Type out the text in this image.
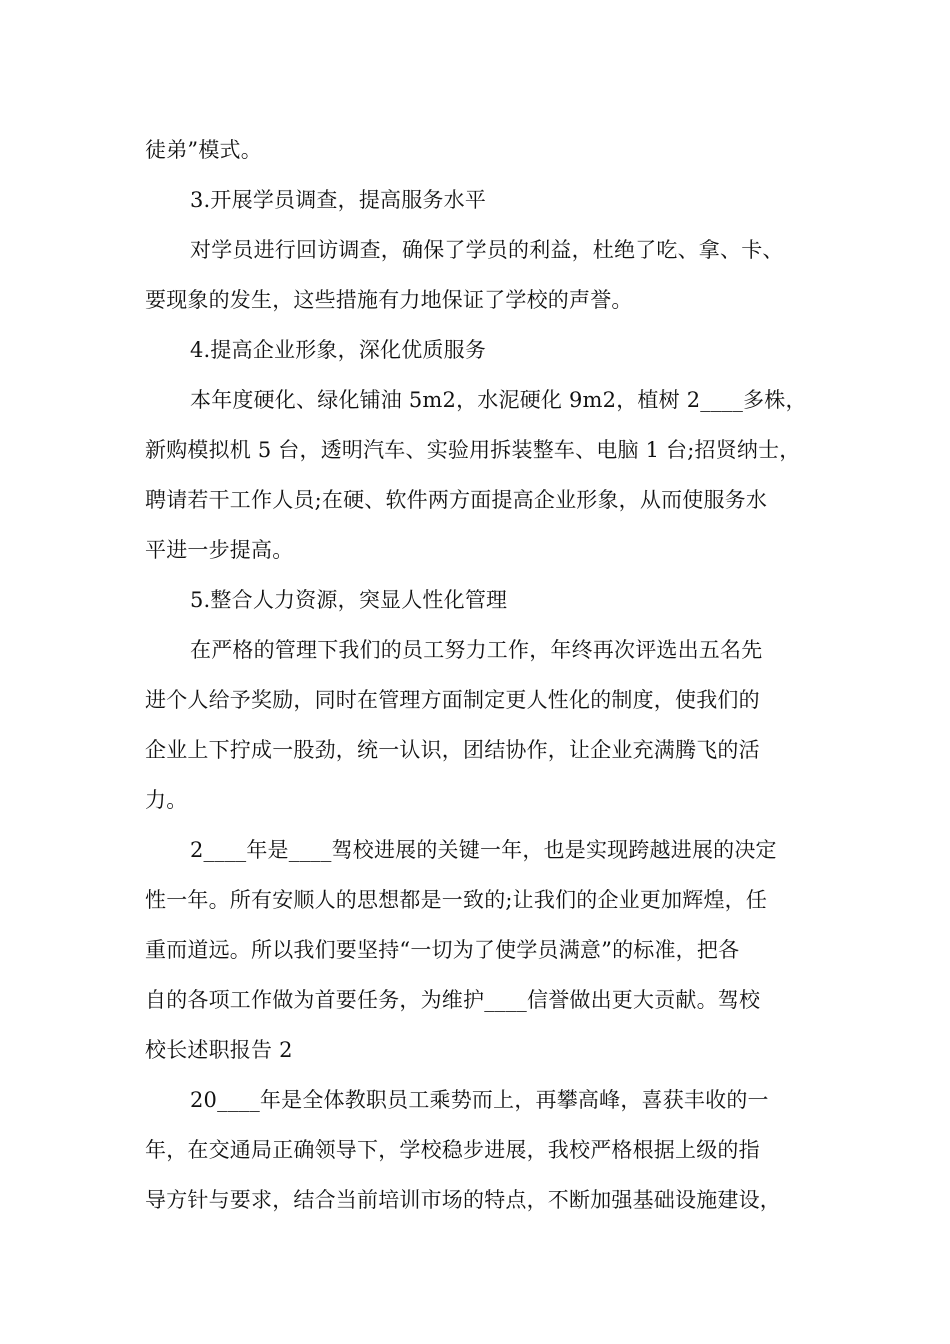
徒弟”模式。
3.开展学员调查，提高服务水平
对学员进行回访调查，确保了学员的利益，杜绝了吃、拿、卡、
要现象的发生，这些措施有力地保证了学校的声誉。
4.提高企业形象，深化优质服务
本年度硬化、绿化铺油 5m2，水泥硬化 9m2，植树 2____多株，
新购模拟机 5 台，透明汽车、实验用拆装整车、电脑 1 台;招贤纳士，
聘请若干工作人员;在硬、软件两方面提高企业形象，从而使服务水
平进一步提高。
5.整合人力资源，突显人性化管理
在严格的管理下我们的员工努力工作，年终再次评选出五名先
进个人给予奖励，同时在管理方面制定更人性化的制度，使我们的
企业上下拧成一股劲，统一认识，团结协作，让企业充满腾飞的活
力。
2____年是____驾校进展的关键一年，也是实现跨越进展的决定
性一年。所有安顺人的思想都是一致的;让我们的企业更加辉煌，任
重而道远。所以我们要坚持“一切为了使学员满意”的标准，把各
自的各项工作做为首要任务，为维护____信誉做出更大贡献。驾校
校长述职报告 2
20____年是全体教职员工乘势而上，再攀高峰，喜获丰收的一
年，在交通局正确领导下，学校稳步进展，我校严格根据上级的指
导方针与要求，结合当前培训市场的特点，不断加强基础设施建设，
